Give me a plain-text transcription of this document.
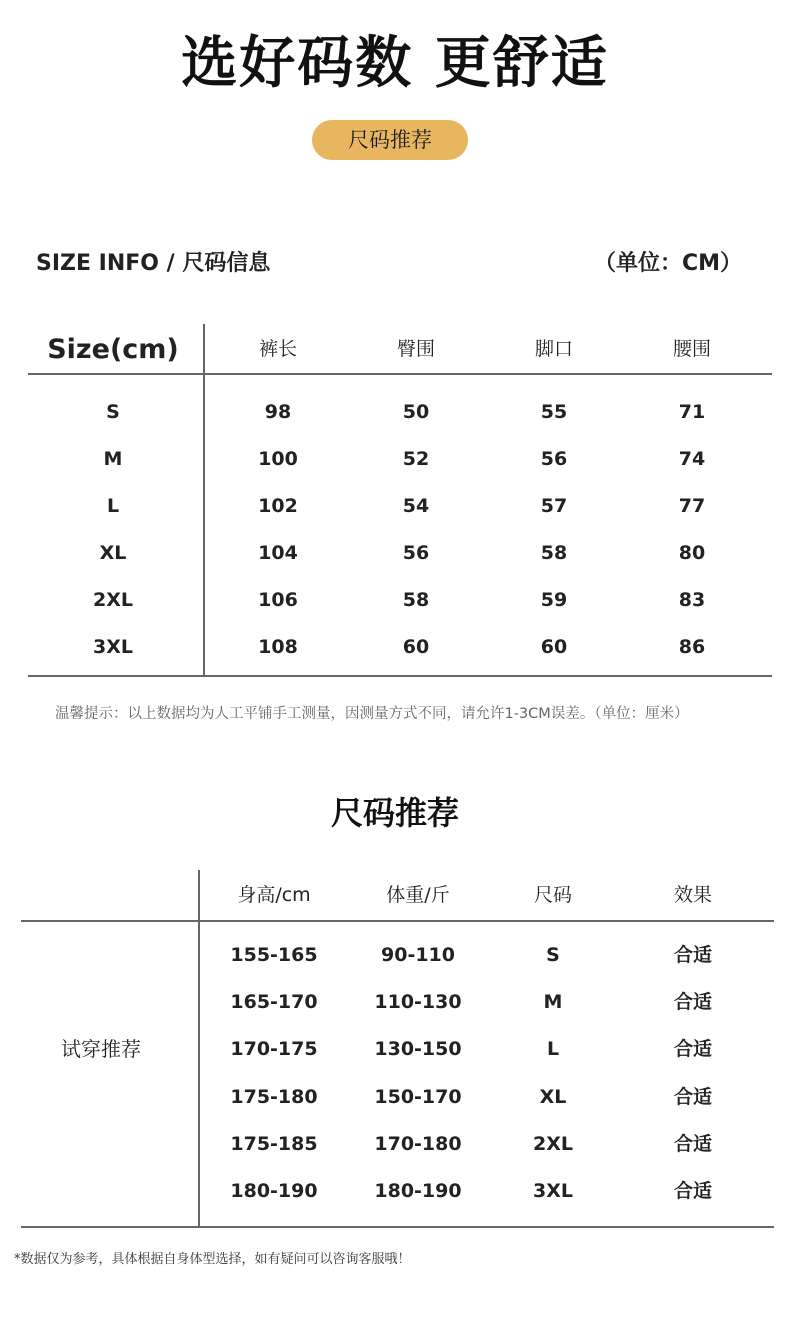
选好码数 更舒适
尺码推荐
SIZE INFO / 尺码信息	（单位：CM）
Size(cm)	裤长	臀围	脚口	腰围
S	98	50	55	71
M	100	52	56	74
L	102	54	57	77
XL	104	56	58	80
2XL	106	58	59	83
3XL	108	60	60	86
温馨提示：以上数据均为人工平铺手工测量，因测量方式不同，请允许1-3CM误差。（单位：厘米）
尺码推荐
身高/cm	体重/斤	尺码	效果
试穿推荐
155-165	90-110	S	合适
165-170	110-130	M	合适
170-175	130-150	L	合适
175-180	150-170	XL	合适
175-185	170-180	2XL	合适
180-190	180-190	3XL	合适
*数据仅为参考，具体根据自身体型选择，如有疑问可以咨询客服哦！
